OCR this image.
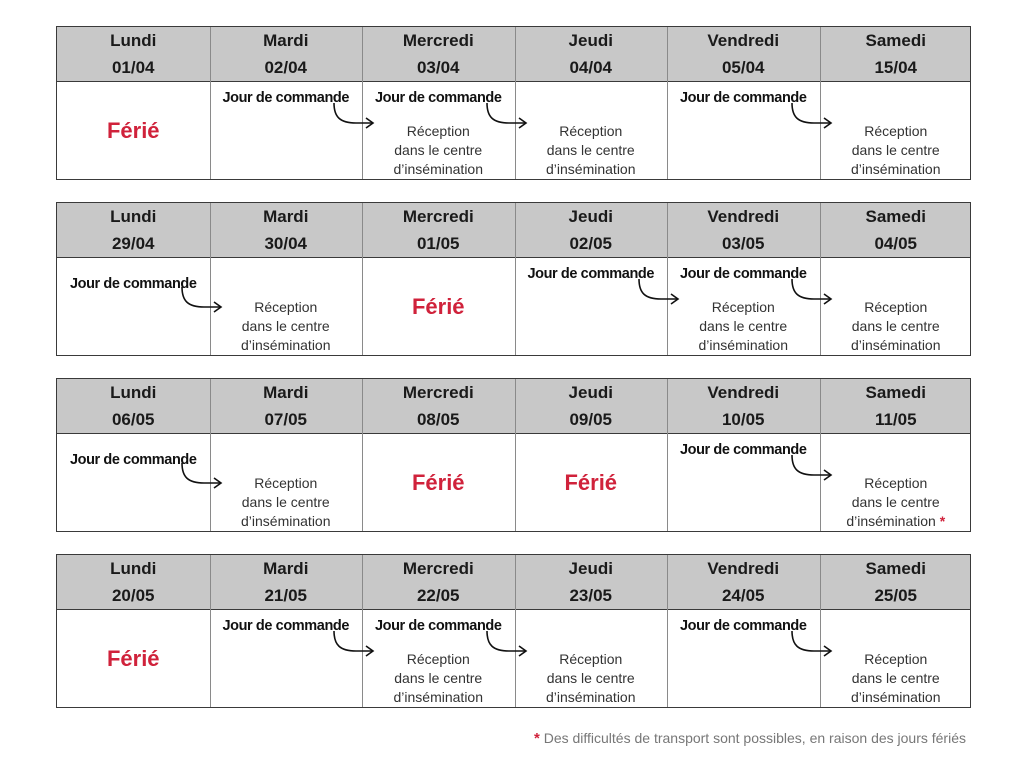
Lundi
01/04
Férié
Mardi
02/04
Jour de commande
Mercredi
03/04
Jour de commande
Réception
dans le centre
d’insémination
Jeudi
04/04
Réception
dans le centre
d’insémination
Vendredi
05/04
Jour de commande
Samedi
15/04
Réception
dans le centre
d’insémination
Lundi
29/04
Jour de commande
Mardi
30/04
Réception
dans le centre
d’insémination
Mercredi
01/05
Férié
Jeudi
02/05
Jour de commande
Vendredi
03/05
Jour de commande
Réception
dans le centre
d’insémination
Samedi
04/05
Réception
dans le centre
d’insémination
Lundi
06/05
Jour de commande
Mardi
07/05
Réception
dans le centre
d’insémination
Mercredi
08/05
Férié
Jeudi
09/05
Férié
Vendredi
10/05
Jour de commande
Samedi
11/05
Réception
dans le centre
d’insémination *
Lundi
20/05
Férié
Mardi
21/05
Jour de commande
Mercredi
22/05
Jour de commande
Réception
dans le centre
d’insémination
Jeudi
23/05
Réception
dans le centre
d’insémination
Vendredi
24/05
Jour de commande
Samedi
25/05
Réception
dans le centre
d’insémination
* Des difficultés de transport sont possibles, en raison des jours fériés
